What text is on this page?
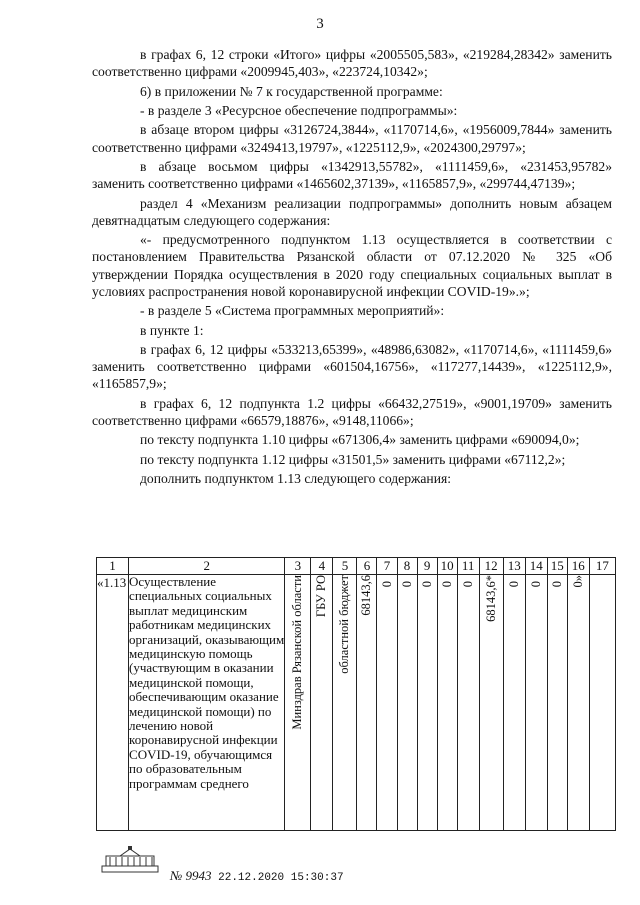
3

в графах 6, 12 строки «Итого» цифры «2005505,583», «219284,28342» заменить соответственно цифрами «2009945,403», «223724,10342»;

6) в приложении № 7 к государственной программе:

- в разделе 3 «Ресурсное обеспечение подпрограммы»:

в абзаце втором цифры «3126724,3844», «1170714,6», «1956009,7844» заменить соответственно цифрами «3249413,19797», «1225112,9», «2024300,29797»;

в абзаце восьмом цифры «1342913,55782», «1111459,6», «231453,95782» заменить соответственно цифрами «1465602,37139», «1165857,9», «299744,47139»;

раздел 4 «Механизм реализации подпрограммы» дополнить новым абзацем девятнадцатым следующего содержания:

«- предусмотренного подпунктом 1.13 осуществляется в соответствии с постановлением Правительства Рязанской области от 07.12.2020 № 325 «Об утверждении Порядка осуществления в 2020 году специальных социальных выплат в условиях распространения новой коронавирусной инфекции COVID-19».»;

- в разделе 5 «Система программных мероприятий»:

в пункте 1:

в графах 6, 12 цифры «533213,65399», «48986,63082», «1170714,6», «1111459,6» заменить соответственно цифрами «601504,16756», «117277,14439», «1225112,9», «1165857,9»;

в графах 6, 12 подпункта 1.2 цифры «66432,27519», «9001,19709» заменить соответственно цифрами «66579,18876», «9148,11066»;

по тексту подпункта 1.10 цифры «671306,4» заменить цифрами «690094,0»;

по тексту подпункта 1.12 цифры «31501,5» заменить цифрами «67112,2»;

дополнить подпунктом 1.13 следующего содержания:

1	2	3	4	5	6	7	8	9	10	11	12	13	14	15	16	17
«1.13	Осуществление специальных социальных выплат медицинским работникам медицинских организаций, оказывающим медицинскую помощь (участвующим в оказании медицинской помощи, обеспечивающим оказание медицинской помощи) по лечению новой коронавирусной инфекции COVID-19, обучающимся по образовательным программам среднего	Минздрав Рязанской области	ГБУ РО	областной бюджет	68143,6	0	0	0	0	0	68143,6*	0	0	0	0»	
№ 9943 22.12.2020 15:30:37
